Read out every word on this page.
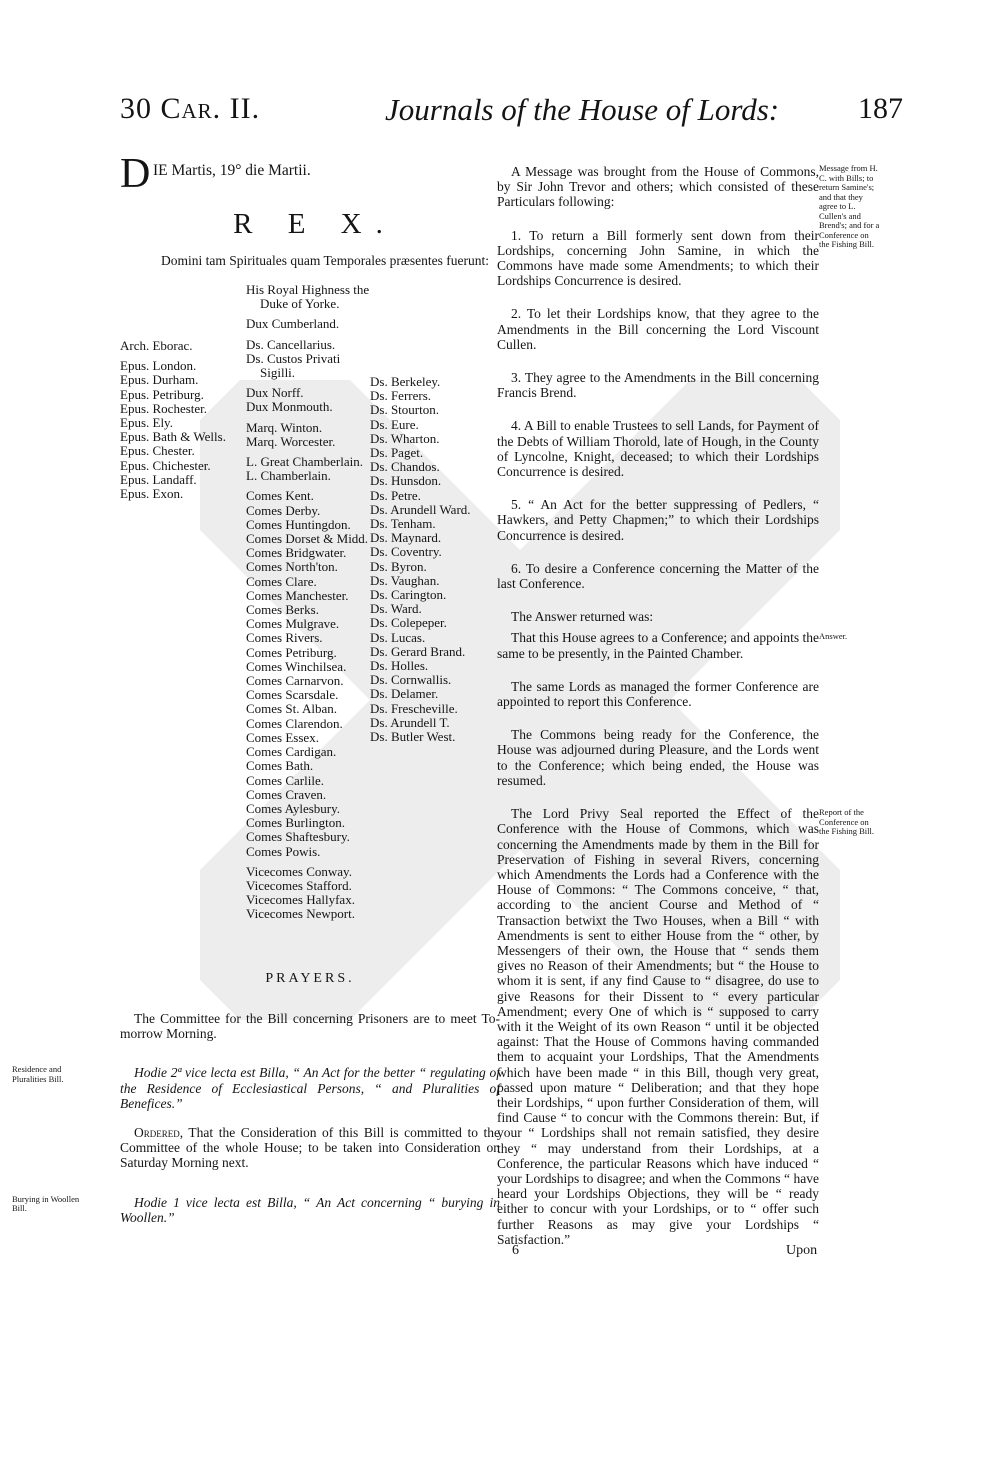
30 Car. II.	Journals of the House of Lords:	187
D IE Martis, 19° die Martii.
R E X.
Domini tam Spirituales quam Temporales præsentes fuerunt:
Arch. Eborac.
Epus. London.
Epus. Durham.
Epus. Petriburg.
Epus. Rochester.
Epus. Ely.
Epus. Bath & Wells.
Epus. Chester.
Epus. Chichester.
Epus. Landaff.
Epus. Exon.
His Royal Highness the Duke of Yorke.
Dux Cumberland.
Ds. Cancellarius.
Ds. Custos Privati Sigilli.
Dux Norff.
Dux Monmouth.
Marq. Winton.
Marq. Worcester.
L. Great Chamberlain.
L. Chamberlain.
Comes Kent.
Comes Derby.
Comes Huntingdon.
Comes Dorset & Midd.
Comes Bridgwater.
Comes North'ton.
Comes Clare.
Comes Manchester.
Comes Berks.
Comes Mulgrave.
Comes Rivers.
Comes Petriburg.
Comes Winchilsea.
Comes Carnarvon.
Comes Scarsdale.
Comes St. Alban.
Comes Clarendon.
Comes Essex.
Comes Cardigan.
Comes Bath.
Comes Carlile.
Comes Craven.
Comes Aylesbury.
Comes Burlington.
Comes Shaftesbury.
Comes Powis.
Vicecomes Conway.
Vicecomes Stafford.
Vicecomes Hallyfax.
Vicecomes Newport.
Ds. Berkeley.
Ds. Ferrers.
Ds. Stourton.
Ds. Eure.
Ds. Wharton.
Ds. Paget.
Ds. Chandos.
Ds. Hunsdon.
Ds. Petre.
Ds. Arundell Ward.
Ds. Tenham.
Ds. Maynard.
Ds. Coventry.
Ds. Byron.
Ds. Vaughan.
Ds. Carington.
Ds. Ward.
Ds. Colepeper.
Ds. Lucas.
Ds. Gerard Brand.
Ds. Holles.
Ds. Cornwallis.
Ds. Delamer.
Ds. Frescheville.
Ds. Arundell T.
Ds. Butler West.
PRAYERS.
The Committee for the Bill concerning Prisoners are to meet To-morrow Morning.
Residence and Pluralities Bill.	Hodie 2ª vice lecta est Billa, “ An Act for the better “ regulating of the Residence of Ecclesiastical Persons, “ and Pluralities of Benefices.”
Ordered, That the Consideration of this Bill is committed to the Committee of the whole House; to be taken into Consideration on Saturday Morning next.
Burying in Woollen Bill.	Hodie 1 vice lecta est Billa, “ An Act concerning “ burying in Woollen.”
Message from H. C. with Bills; to return Samine's; and that they agree to L. Cullen's and Brend's; and for a Conference on the Fishing Bill.

A Message was brought from the House of Commons, by Sir John Trevor and others; which consisted of these Particulars following:

1. To return a Bill formerly sent down from their Lordships, concerning John Samine, in which the Commons have made some Amendments; to which their Lordships Concurrence is desired.

2. To let their Lordships know, that they agree to the Amendments in the Bill concerning the Lord Viscount Cullen.

3. They agree to the Amendments in the Bill concerning Francis Brend.

4. A Bill to enable Trustees to sell Lands, for Payment of the Debts of William Thorold, late of Hough, in the County of Lyncolne, Knight, deceased; to which their Lordships Concurrence is desired.

5. “ An Act for the better suppressing of Pedlers, “ Hawkers, and Petty Chapmen;” to which their Lordships Concurrence is desired.

6. To desire a Conference concerning the Matter of the last Conference.

The Answer returned was:

Answer.

That this House agrees to a Conference; and appoints the same to be presently, in the Painted Chamber.

The same Lords as managed the former Conference are appointed to report this Conference.

The Commons being ready for the Conference, the House was adjourned during Pleasure, and the Lords went to the Conference; which being ended, the House was resumed.

Report of the Conference on the Fishing Bill.

The Lord Privy Seal reported the Effect of the Conference with the House of Commons, which was concerning the Amendments made by them in the Bill for Preservation of Fishing in several Rivers, concerning which Amendments the Lords had a Conference with the House of Commons: “ The Commons conceive, “ that, according to the ancient Course and Method of “ Transaction betwixt the Two Houses, when a Bill “ with Amendments is sent to either House from the “ other, by Messengers of their own, the House that “ sends them gives no Reason of their Amendments; but “ the House to whom it is sent, if any find Cause to “ disagree, do use to give Reasons for their Dissent to “ every particular Amendment; every One of which is “ supposed to carry with it the Weight of its own Reason “ until it be objected against: That the House of Commons having commanded them to acquaint your Lordships, That the Amendments which have been made “ in this Bill, though very great, passed upon mature “ Deliberation; and that they hope their Lordships, “ upon further Consideration of them, will find Cause “ to concur with the Commons therein: But, if your “ Lordships shall not remain satisfied, they desire they “ may understand from their Lordships, at a Conference, the particular Reasons which have induced “ your Lordships to disagree; and when the Commons “ have heard your Lordships Objections, they will be “ ready either to concur with your Lordships, or to “ offer such further Reasons as may give your Lordships “ Satisfaction.”

6	Upon
